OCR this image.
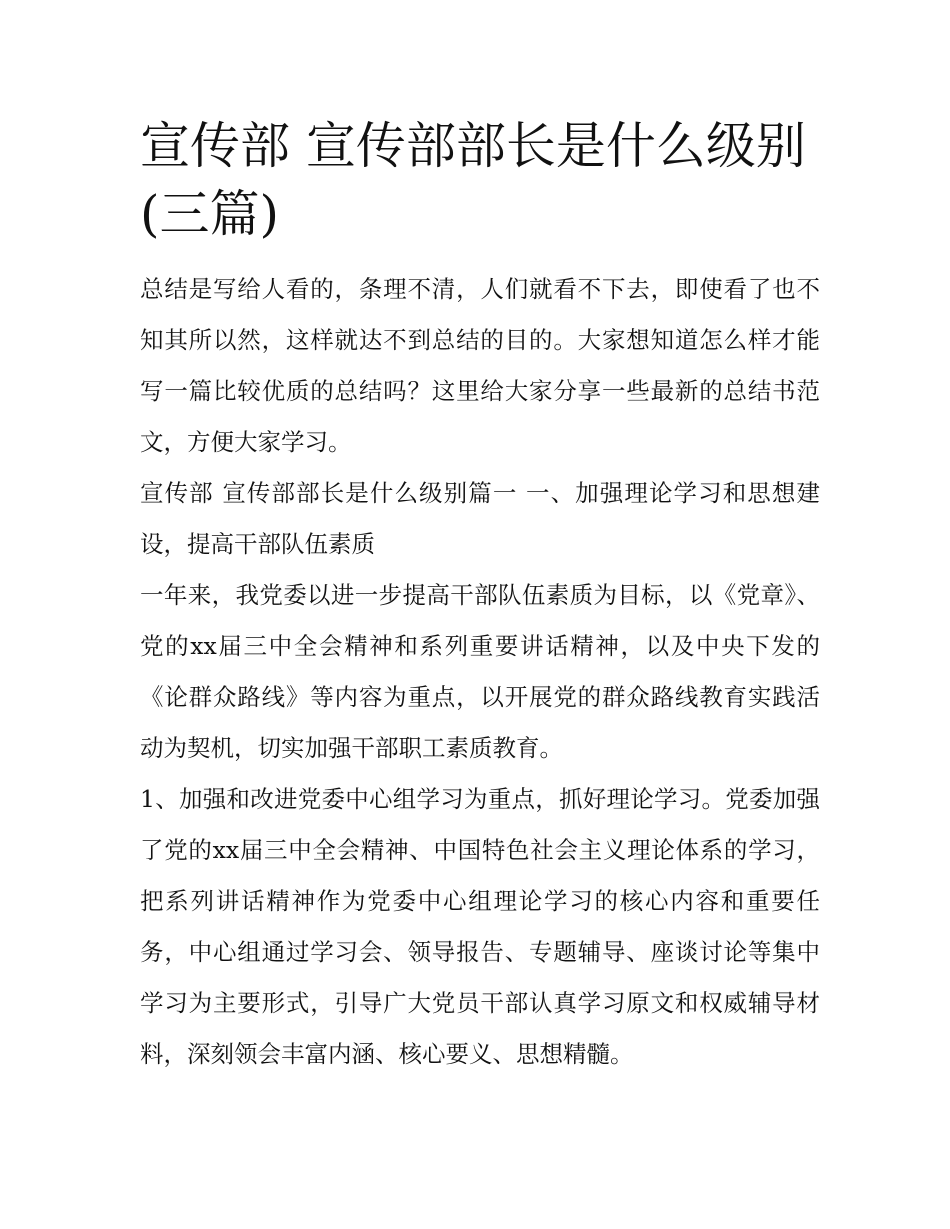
宣传部 宣传部部长是什么级别(三篇)

总结是写给人看的，条理不清，人们就看不下去，即使看了也不知其所以然，这样就达不到总结的目的。大家想知道怎么样才能写一篇比较优质的总结吗？这里给大家分享一些最新的总结书范文，方便大家学习。

宣传部 宣传部部长是什么级别篇一 一、加强理论学习和思想建设，提高干部队伍素质

一年来，我党委以进一步提高干部队伍素质为目标，以《党章》、党的xx届三中全会精神和系列重要讲话精神，以及中央下发的《论群众路线》等内容为重点，以开展党的群众路线教育实践活动为契机，切实加强干部职工素质教育。

1、加强和改进党委中心组学习为重点，抓好理论学习。党委加强了党的xx届三中全会精神、中国特色社会主义理论体系的学习，把系列讲话精神作为党委中心组理论学习的核心内容和重要任务，中心组通过学习会、领导报告、专题辅导、座谈讨论等集中学习为主要形式，引导广大党员干部认真学习原文和权威辅导材料，深刻领会丰富内涵、核心要义、思想精髓。
